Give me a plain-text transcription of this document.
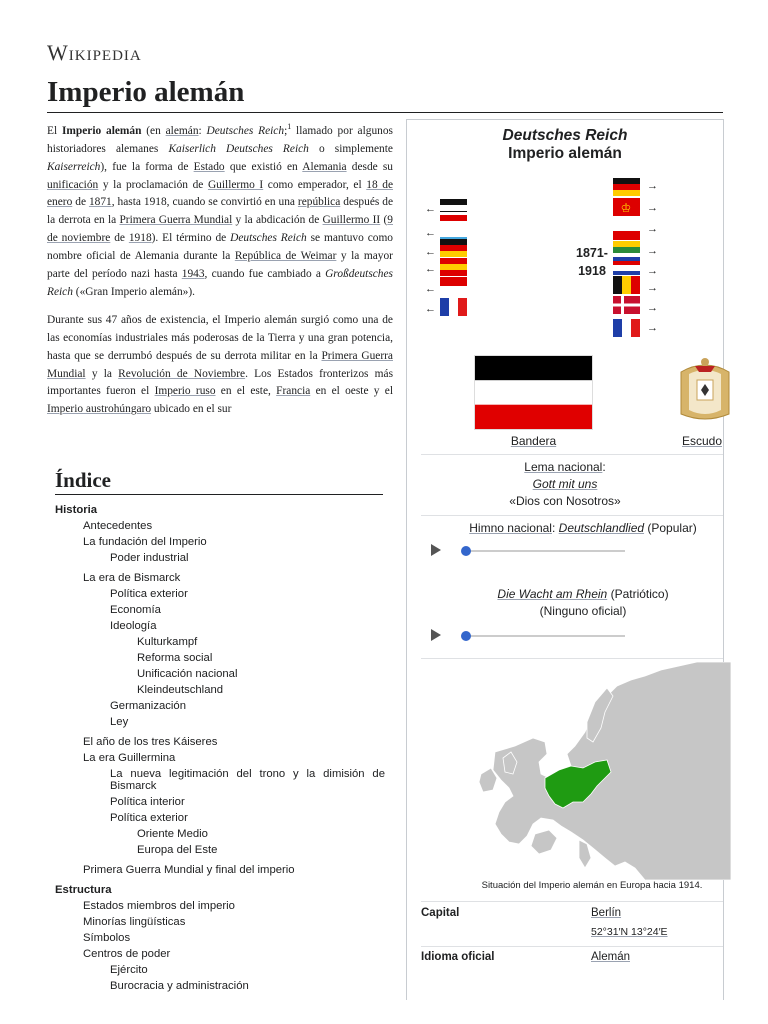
Wikipedia
Imperio alemán

El Imperio alemán (en alemán: Deutsches Reich;$^1$ llamado por algunos historiadores alemanes Kaiserlich Deutsches Reich o simplemente Kaiserreich), fue la forma de Estado que existió en Alemania desde su unificación y la proclamación de Guillermo I como emperador, el 18 de enero de 1871, hasta 1918, cuando se convirtió en una república después de la derrota en la Primera Guerra Mundial y la abdicación de Guillermo II (9 de noviembre de 1918). El término de Deutsches Reich se mantuvo como nombre oficial de Alemania durante la República de Weimar y la mayor parte del período nazi hasta 1943, cuando fue cambiado a Großdeutsches Reich («Gran Imperio alemán»).

Durante sus 47 años de existencia, el Imperio alemán surgió como una de las economías industriales más poderosas de la Tierra y una gran potencia, hasta que se derrumbó después de su derrota militar en la Primera Guerra Mundial y la Revolución de Noviembre. Los Estados fronterizos más importantes fueron el Imperio ruso en el este, Francia en el oeste y el Imperio austrohúngaro ubicado en el sur

Índice
Historia
Antecedentes
La fundación del Imperio
Poder industrial
La era de Bismarck
Política exterior
Economía
Ideología
Kulturkampf
Reforma social
Unificación nacional
Kleindeutschland
Germanización
Ley
El año de los tres Káiseres
La era Guillermina
La nueva legitimación del trono y la dimisión de Bismarck
Política interior
Política exterior
Oriente Medio
Europa del Este
Primera Guerra Mundial y final del imperio
Estructura
Estados miembros del imperio
Minorías lingüísticas
Símbolos
Centros de poder
Ejército
Burocracia y administración
Deutsches Reich
Imperio alemán
←
←
←
←
←
←
1871-
1918
♔
→
→
→
→
→
→
→
→
Bandera	Escudo
Lema nacional:
Gott mit uns
«Dios con Nosotros»
Himno nacional: Deutschlandlied (Popular)
Die Wacht am Rhein (Patriótico)
(Ninguno oficial)
Situación del Imperio alemán en Europa hacia 1914.
Capital	Berlín
52°31′N 13°24′E
Idioma oficial	Alemán
